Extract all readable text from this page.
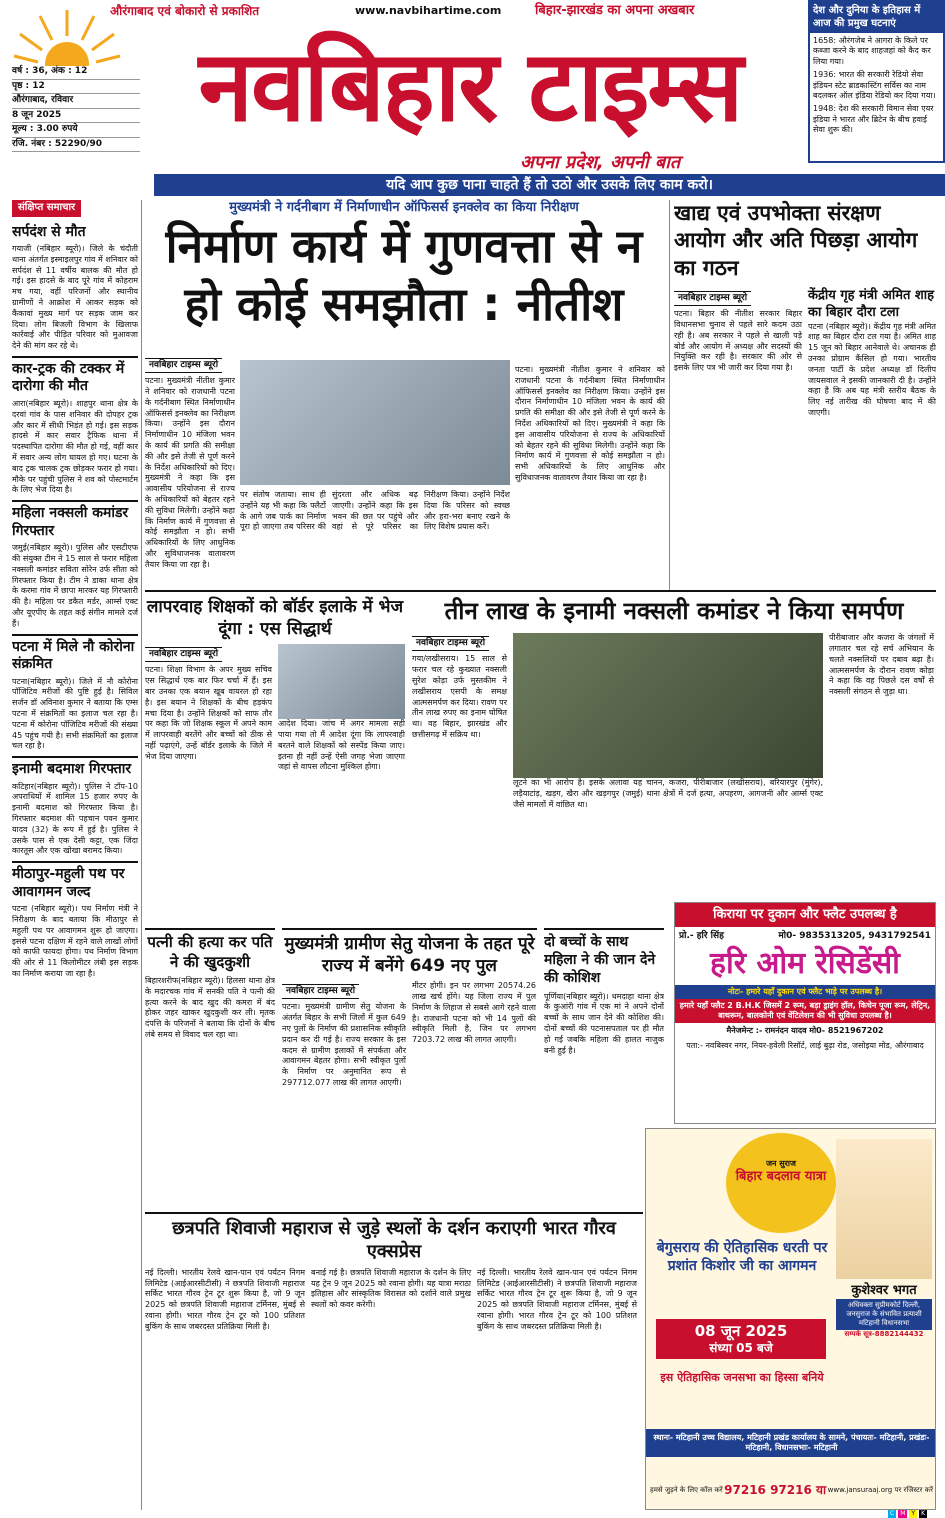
औरंगाबाद एवं बोकारो से प्रकाशित	www.navbihartime.com	बिहार-झारखंड का अपना अखबार
वर्ष : 36, अंक : 12
पृष्ठ : 12
औरंगाबाद, रविवार
8 जून 2025
मूल्य : 3.00 रुपये
रजि. नंबर : 52290/90 नवबिहार टाइम्स
अपना प्रदेश, अपनी बात
देश और दुनिया के इतिहास में आज की प्रमुख घटनाएं

1658: औरंगजेब ने आगरा के किले पर कब्जा करने के बाद शाहजहां को कैद कर लिया गया।

1936: भारत की सरकारी रेडियो सेवा इंडियन स्टेट ब्राडकास्टिंग सर्विस का नाम बदलकर ऑल इंडिया रेडियो कर दिया गया।

1948: देश की सरकारी विमान सेवा एयर इंडिया ने भारत और ब्रिटेन के बीच हवाई सेवा शुरू की।

यदि आप कुछ पाना चाहते हैं तो उठो और उसके लिए काम करो।
संक्षिप्त समाचार
सर्पदंश से मौत
गयाजी (नबिहार ब्यूरो)। जिले के चंदौती थाना अंतर्गत इस्माइलपुर गांव में शनिवार को सर्पदंश से 11 वर्षीय बालक की मौत हो गई। इस हादसे के बाद पूरे गांव में कोहराम मच गया, वहीं परिजनों और स्थानीय ग्रामीणों ने आक्रोश में आकर सड़क को कैंकावां मुख्य मार्ग पर सड़क जाम कर दिया। लोग बिजली विभाग के खिलाफ कार्रवाई और पीड़ित परिवार को मुआवजा देने की मांग कर रहे थे।
कार-ट्रक की टक्कर में दारोगा की मौत
आरा(नबिहार ब्यूरो)। शाहपुर थाना क्षेत्र के दरवां गांव के पास शनिवार की दोपहर ट्रक और कार में सीधी भिड़ंत हो गई। इस सड़क हादसे में कार सवार ट्रैफिक थाना में पदस्थापित दारोगा की मौत हो गई, वहीं कार में सवार अन्य लोग घायल हो गए। घटना के बाद ट्रक चालक ट्रक छोड़कर फरार हो गया। मौके पर पहुंची पुलिस ने शव को पोस्टमार्टम के लिए भेज दिया है।
महिला नक्सली कमांडर गिरफ्तार
जमुई(नबिहार ब्यूरो)। पुलिस और एसटीएफ की संयुक्त टीम ने 15 साल से फरार महिला नक्सली कमांडर सविता सोरेन उर्फ सीता को गिरफ्तार किया है। टीम ने डाका थाना क्षेत्र के करमा गांव में छापा मारकर यह गिरफ्तारी की है। महिला पर डकैत मर्डर, आर्म्स एक्ट और यूएपीए के तहत कई संगीन मामले दर्ज हैं।
पटना में मिले नौ कोरोना संक्रमित
पटना(नबिहार ब्यूरो)। जिले में नौ कोरोना पॉजिटिव मरीजों की पुष्टि हुई है। सिविल सर्जन डॉ अविनाश कुमार ने बताया कि एम्स पटना में संक्रमितों का इलाज चल रहा है। पटना में कोरोना पॉजिटिव मरीजों की संख्या 45 पहुंच गयी है। सभी संक्रमितों का इलाज चल रहा है।
इनामी बदमाश गिरफ्तार
कटिहार(नबिहार ब्यूरो)। पुलिस ने टॉप-10 अपराधियों में शामिल 15 हजार रुपए के इनामी बदमाश को गिरफ्तार किया है। गिरफ्तार बदमाश की पहचान पवन कुमार यादव (32) के रूप में हुई है। पुलिस ने उसके पास से एक देसी कट्टा, एक जिंदा कारतूस और एक खोखा बरामद किया।
मीठापुर-महुली पथ पर आवागमन जल्द
पटना (नबिहार ब्यूरो)। पथ निर्माण मंत्री ने निरीक्षण के बाद बताया कि मीठापुर से महुली पथ पर आवागमन शुरू हो जाएगा। इससे पटना दक्षिण में रहने वाले लाखों लोगों को काफी फायदा होगा। पथ निर्माण विभाग की ओर से 11 किलोमीटर लंबी इस सड़क का निर्माण कराया जा रहा है।
मुख्यमंत्री ने गर्दनीबाग में निर्माणाधीन ऑफिसर्स इनक्लेव का किया निरीक्षण
निर्माण कार्य में गुणवत्ता से न हो कोई समझौता : नीतीश
नवबिहार टाइम्स ब्यूरो
पटना। मुख्यमंत्री नीतीश कुमार ने शनिवार को राजधानी पटना के गर्दनीबाग स्थित निर्माणाधीन ऑफिसर्स इनक्लेव का निरीक्षण किया। उन्होंने इस दौरान निर्माणाधीन 10 मंजिला भवन के कार्य की प्रगति की समीक्षा की और इसे तेजी से पूर्ण करने के निर्देश अधिकारियों को दिए। मुख्यमंत्री ने कहा कि इस आवासीय परियोजना से राज्य के अधिकारियों को बेहतर रहने की सुविधा मिलेगी। उन्होंने कहा कि निर्माण कार्य में गुणवत्ता से कोई समझौता न हो। सभी अधिकारियों के लिए आधुनिक और सुविधाजनक वातावरण तैयार किया जा रहा है।
पर संतोष जताया। साथ ही उन्होंने यह भी कहा कि फ्लैटों के आगे जब पार्क का निर्माण पूरा हो जाएगा तब परिसर की सुंदरता और अधिक बढ़ जाएगी। उन्होंने कहा कि इस भवन की छत पर पहुंचे और वहां से पूरे परिसर का निरीक्षण किया। उन्होंने निर्देश दिया कि परिसर को स्वच्छ और हरा-भरा बनाए रखने के लिए विशेष प्रयास करें।
पटना। मुख्यमंत्री नीतीश कुमार ने शनिवार को राजधानी पटना के गर्दनीबाग स्थित निर्माणाधीन ऑफिसर्स इनक्लेव का निरीक्षण किया। उन्होंने इस दौरान निर्माणाधीन 10 मंजिला भवन के कार्य की प्रगति की समीक्षा की और इसे तेजी से पूर्ण करने के निर्देश अधिकारियों को दिए। मुख्यमंत्री ने कहा कि इस आवासीय परियोजना से राज्य के अधिकारियों को बेहतर रहने की सुविधा मिलेगी। उन्होंने कहा कि निर्माण कार्य में गुणवत्ता से कोई समझौता न हो। सभी अधिकारियों के लिए आधुनिक और सुविधाजनक वातावरण तैयार किया जा रहा है।
खाद्य एवं उपभोक्ता संरक्षण आयोग और अति पिछड़ा आयोग का गठन
नवबिहार टाइम्स ब्यूरो
पटना। बिहार की नीतीश सरकार बिहार विधानसभा चुनाव से पहले सारे कदम उठा रही है। अब सरकार ने पहले से खाली पड़े बोर्ड और आयोग में अध्यक्ष और सदस्यों की नियुक्ति कर रही है। सरकार की ओर से इसके लिए पत्र भी जारी कर दिया गया है।
केंद्रीय गृह मंत्री अमित शाह का बिहार दौरा टला
पटना (नबिहार ब्यूरो)। केंद्रीय गृह मंत्री अमित शाह का बिहार दौरा टल गया है। अमित शाह 15 जून को बिहार आनेवाले थे। अचानक ही उनका प्रोग्राम कैंसिल हो गया। भारतीय जनता पार्टी के प्रदेश अध्यक्ष डॉ दिलीप जायसवाल ने इसकी जानकारी दी है। उन्होंने कहा है कि अब यह मंत्री स्तरीय बैठक के लिए नई तारीख की घोषणा बाद में की जाएगी।
लापरवाह शिक्षकों को बॉर्डर इलाके में भेज दूंगा : एस सिद्धार्थ
नवबिहार टाइम्स ब्यूरो
पटना। शिक्षा विभाग के अपर मुख्य सचिव एस सिद्धार्थ एक बार फिर चर्चा में हैं। इस बार उनका एक बयान खूब वायरल हो रहा है। इस बयान ने शिक्षकों के बीच हड़कंप मचा दिया है। उन्होंने शिक्षकों को साफ तौर पर कहा कि जो शिक्षक स्कूल में अपने काम में लापरवाही बरतेंगे और बच्चों को ठीक से नहीं पढ़ाएंगे, उन्हें बॉर्डर इलाके के जिले में भेज दिया जाएगा।
आदेश दिया। जांच में अगर मामला सही पाया गया तो मैं आदेश दूंगा कि लापरवाही बरतने वाले शिक्षकों को सस्पेंड किया जाए। इतना ही नहीं उन्हें ऐसी जगह भेजा जाएगा जहां से वापस लौटना मुश्किल होगा।
तीन लाख के इनामी नक्सली कमांडर ने किया समर्पण
नवबिहार टाइम्स ब्यूरो
गया/लखीसराय। 15 साल से फरार चल रहे कुख्यात नक्सली सुरेश कोड़ा उर्फ मुस्तकीम ने लखीसराय एसपी के समक्ष आत्मसमर्पण कर दिया। रावण पर तीन लाख रुपए का इनाम घोषित था। वह बिहार, झारखंड और छत्तीसगढ़ में सक्रिय था।
लूटने का भी आरोप है। इसके अलावा यह चानन, कजरा, पीरीबाजार (लखीसराय), बरियारपुर (मुंगेर), लड़ैयाटांड़, खड़ग, खैरा और खड़गपुर (जमुई) थाना क्षेत्रों में दर्ज हत्या, अपहरण, आगजनी और आर्म्स एक्ट जैसे मामलों में वांछित था।
पीरीबाजार और कजरा के जंगलों में लगातार चल रहे सर्च अभियान के चलते नक्सलियों पर दबाव बढ़ा है। आत्मसमर्पण के दौरान रावण कोड़ा ने कहा कि वह पिछले दस वर्षों से नक्सली संगठन से जुड़ा था।
पत्नी की हत्या कर पति ने की खुदकुशी
बिहारशरीफ(नबिहार ब्यूरो)। हिलसा थाना क्षेत्र के मदारचक गांव में सनकी पति ने पत्नी की हत्या करने के बाद खुद की कमरा में बंद होकर जहर खाकर खुदकुशी कर ली। मृतक दंपत्ति के परिजनों ने बताया कि दोनों के बीच लंबे समय से विवाद चल रहा था।
मुख्यमंत्री ग्रामीण सेतु योजना के तहत पूरे राज्य में बनेंगे 649 नए पुल
नवबिहार टाइम्स ब्यूरो
पटना। मुख्यमंत्री ग्रामीण सेतु योजना के अंतर्गत बिहार के सभी जिलों में कुल 649 नए पुलों के निर्माण की प्रशासनिक स्वीकृति प्रदान कर दी गई है। राज्य सरकार के इस कदम से ग्रामीण इलाकों में संपर्कता और आवागमन बेहतर होगा। सभी स्वीकृत पुलों के निर्माण पर अनुमानित रूप से 297712.077 लाख की लागत आएगी।
मीटर होगी। इन पर लगभग 20574.26 लाख खर्च होंगे। यह जिला राज्य में पुल निर्माण के लिहाज से सबसे आगे रहने वाला है। राजधानी पटना को भी 14 पुलों की स्वीकृति मिली है, जिन पर लगभग 7203.72 लाख की लागत आएगी।
दो बच्चों के साथ महिला ने की जान देने की कोशिश
पूर्णिया(नबिहार ब्यूरो)। धमदाहा थाना क्षेत्र के कुआंरी गांव में एक मां ने अपने दोनों बच्चों के साथ जान देने की कोशिश की। दोनों बच्चों की पटनासपताल पर ही मौत हो गई जबकि महिला की हालत नाजुक बनी हुई है।
किराया पर दुकान और फ्लैट उपलब्ध है
प्रो.- हरि सिंह	मो0- 9835313205, 9431792541
हरि ओम रेसिडेंसी
नोटः- हमारे यहाँ दुकान एवं फ्लैट भाड़े पर उपलब्ध है।
हमारे यहाँ फ्लैट 2 B.H.K जिसमें 2 रूम, बड़ा ड्राइंग हॉल, किचेन पूजा रूम, लेट्रिन, बाथरूम, बालकोनी एवं वेंटिलेशन की भी सुविधा उपलब्ध है।
मैनेजमेन्ट :- रामनंदन यादव मो0- 8521967202
पता:- नवबिस्वर नगर, नियर-हवेली रिसॉर्ट, लाई बुढ़ा रोड, जसोइया मोड, औरंगाबाद
छत्रपति शिवाजी महाराज से जुड़े स्थलों के दर्शन कराएगी भारत गौरव एक्सप्रेस
नई दिल्ली। भारतीय रेलवे खान-पान एवं पर्यटन निगम लिमिटेड (आईआरसीटीसी) ने छत्रपति शिवाजी महाराज सर्किट भारत गौरव ट्रेन टूर शुरू किया है, जो 9 जून 2025 को छत्रपति शिवाजी महाराज टर्मिनस, मुंबई से रवाना होगी। भारत गौरव ट्रेन टूर को 100 प्रतिशत बुकिंग के साथ जबरदस्त प्रतिक्रिया मिली है।
बनाई गई है। छत्रपति शिवाजी महाराज के दर्शन के लिए यह ट्रेन 9 जून 2025 को रवाना होगी। यह यात्रा मराठा इतिहास और सांस्कृतिक विरासत को दर्शाने वाले प्रमुख स्थलों को कवर करेगी।
नई दिल्ली। भारतीय रेलवे खान-पान एवं पर्यटन निगम लिमिटेड (आईआरसीटीसी) ने छत्रपति शिवाजी महाराज सर्किट भारत गौरव ट्रेन टूर शुरू किया है, जो 9 जून 2025 को छत्रपति शिवाजी महाराज टर्मिनस, मुंबई से रवाना होगी। भारत गौरव ट्रेन टूर को 100 प्रतिशत बुकिंग के साथ जबरदस्त प्रतिक्रिया मिली है।
जन सुराज
बिहार बदलाव यात्रा
बेगुसराय की ऐतिहासिक धरती पर प्रशांत किशोर जी का आगमन
08 जून 2025
संध्या 05 बजे
इस ऐतिहासिक जनसभा का हिस्सा बनिये
कुशेश्वर भगत
अधिवक्ता सुप्रीमकोर्ट दिल्ली, जनसुराज के संभावित प्रत्याशी मटिहानी विधानसभा
सम्पर्क सूत्र-8882144432
स्थानः- मटिहानी उच्च विद्यालय, मटिहानी प्रखंड कार्यालय के सामने, पंचायतः- मटिहानी, प्रखंडः- मटिहानी, विधानसभाः- मटिहानी
हमसे जुड़ने के लिए कॉल करें 97216 97216 या www.jansuraaj.org पर रजिस्टर करें
C	M	Y	K
